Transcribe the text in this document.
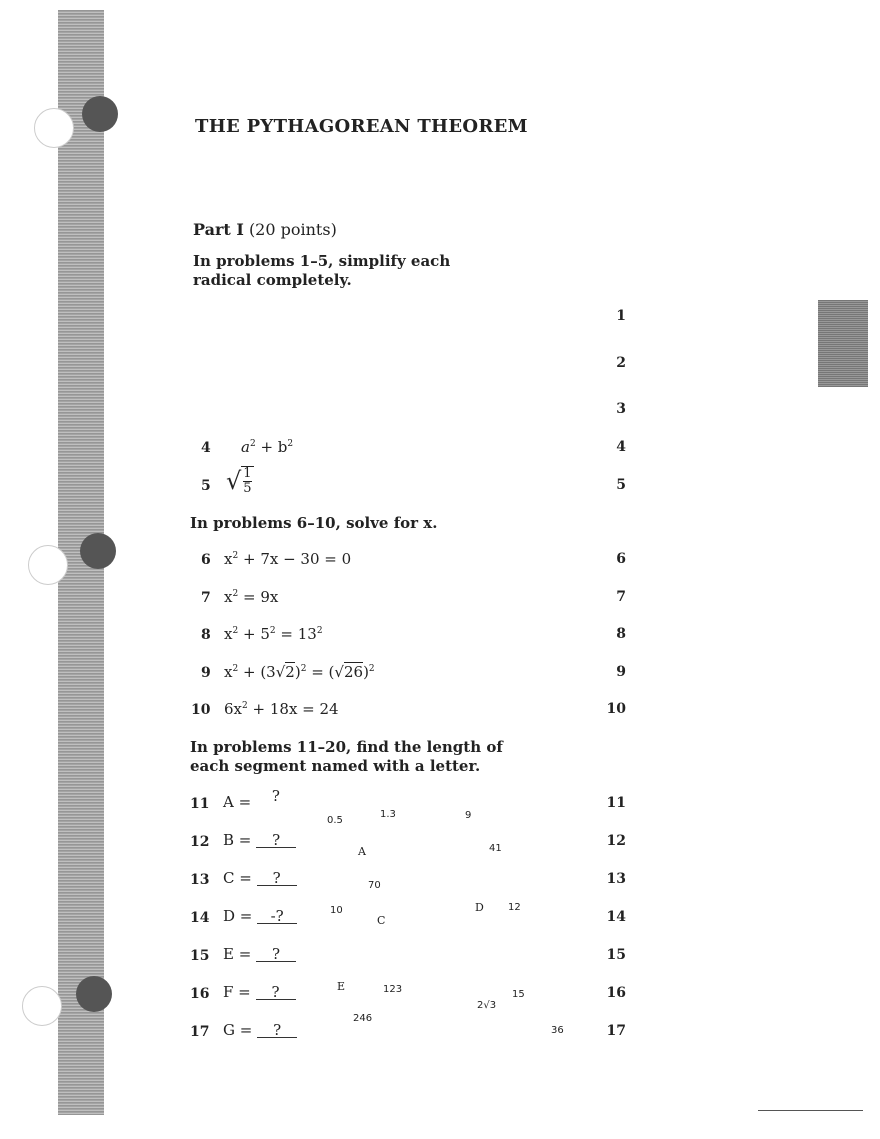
THE PYTHAGOREAN THEOREM
Part I (20 points)
In problems 1–5, simplify each radical completely.
In problems 6–10, solve for x.
In problems 11–20, find the length of each segment named with a letter.
1
2
3
4
5
6
7
8
9
10
11
12
13
14
15
16
17
4 $a^2 + b^2$
5 √ $\frac{1}{5}$
6 $x^2 + 7x - 30 = 0$
7 $x^2 = 9x$
8 $x^2 + 5^2 = 13^2$
9 $x^2 + (3√2)^2 = (√26)^2$
10 $6x^2 + 18x = 24$
11 A = ?
12 B = ?
13 C = ?
14 D = -?
15 E = ?
16 F = ?
17 G = ?
0.5
1.3	9
A	41
70
10
C
D 12
E	123	15
2√3
246
36
